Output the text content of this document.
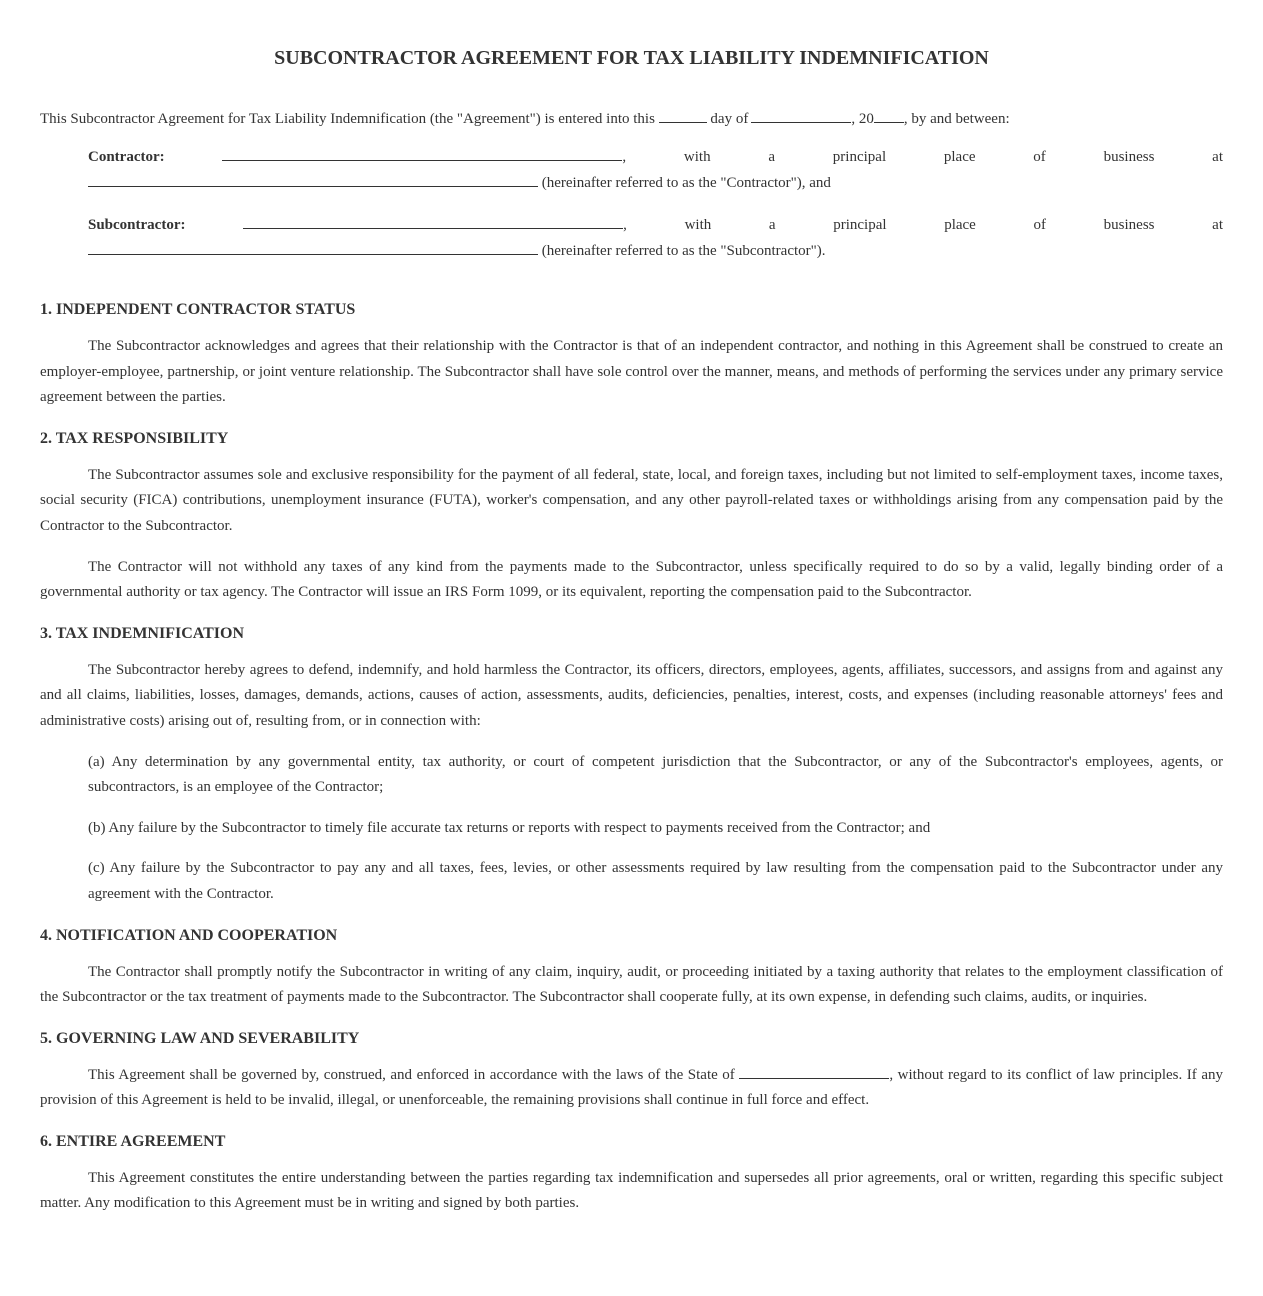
SUBCONTRACTOR AGREEMENT FOR TAX LIABILITY INDEMNIFICATION
This Subcontractor Agreement for Tax Liability Indemnification (the "Agreement") is entered into this	day of	, 20 , by and between:
Contractor:	,	with	a	principal	place	of	business	at
(hereinafter referred to as the "Contractor"), and
Subcontractor:	,	with	a	principal	place	of	business	at
(hereinafter referred to as the "Subcontractor").
1. INDEPENDENT CONTRACTOR STATUS

The Subcontractor acknowledges and agrees that their relationship with the Contractor is that of an independent contractor, and nothing in this Agreement shall be construed to create an employer-employee, partnership, or joint venture relationship. The Subcontractor shall have sole control over the manner, means, and methods of performing the services under any primary service agreement between the parties.

2. TAX RESPONSIBILITY

The Subcontractor assumes sole and exclusive responsibility for the payment of all federal, state, local, and foreign taxes, including but not limited to self-employment taxes, income taxes, social security (FICA) contributions, unemployment insurance (FUTA), worker's compensation, and any other payroll-related taxes or withholdings arising from any compensation paid by the Contractor to the Subcontractor.

The Contractor will not withhold any taxes of any kind from the payments made to the Subcontractor, unless specifically required to do so by a valid, legally binding order of a governmental authority or tax agency. The Contractor will issue an IRS Form 1099, or its equivalent, reporting the compensation paid to the Subcontractor.

3. TAX INDEMNIFICATION

The Subcontractor hereby agrees to defend, indemnify, and hold harmless the Contractor, its officers, directors, employees, agents, affiliates, successors, and assigns from and against any and all claims, liabilities, losses, damages, demands, actions, causes of action, assessments, audits, deficiencies, penalties, interest, costs, and expenses (including reasonable attorneys' fees and administrative costs) arising out of, resulting from, or in connection with:

(a) Any determination by any governmental entity, tax authority, or court of competent jurisdiction that the Subcontractor, or any of the Subcontractor's employees, agents, or subcontractors, is an employee of the Contractor;
(b) Any failure by the Subcontractor to timely file accurate tax returns or reports with respect to payments received from the Contractor; and
(c) Any failure by the Subcontractor to pay any and all taxes, fees, levies, or other assessments required by law resulting from the compensation paid to the Subcontractor under any agreement with the Contractor.
4. NOTIFICATION AND COOPERATION

The Contractor shall promptly notify the Subcontractor in writing of any claim, inquiry, audit, or proceeding initiated by a taxing authority that relates to the employment classification of the Subcontractor or the tax treatment of payments made to the Subcontractor. The Subcontractor shall cooperate fully, at its own expense, in defending such claims, audits, or inquiries.

5. GOVERNING LAW AND SEVERABILITY

This Agreement shall be governed by, construed, and enforced in accordance with the laws of the State of	, without regard to its conflict of law principles. If any provision of this Agreement is held to be invalid, illegal, or unenforceable, the remaining provisions shall continue in full force and effect.

6. ENTIRE AGREEMENT

This Agreement constitutes the entire understanding between the parties regarding tax indemnification and supersedes all prior agreements, oral or written, regarding this specific subject matter. Any modification to this Agreement must be in writing and signed by both parties.
